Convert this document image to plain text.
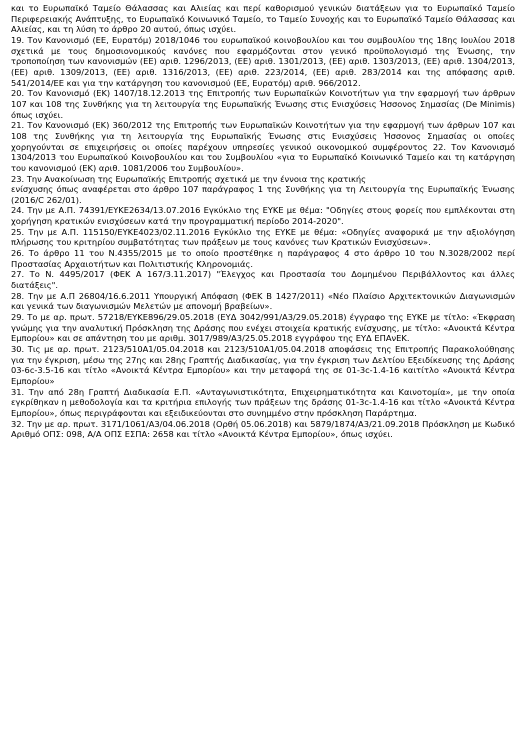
και το Ευρωπαϊκό Ταμείο Θάλασσας και Αλιείας και περί καθορισμού γενικών διατάξεων για το Ευρωπαϊκό Ταμείο Περιφερειακής Ανάπτυξης, το Ευρωπαϊκό Κοινωνικό Ταμείο, το Ταμείο Συνοχής και το Ευρωπαϊκό Ταμείο Θάλασσας και Αλιείας, και τη λύση το άρθρο 20 αυτού, όπως ισχύει.

19. Τον Κανονισμό (ΕΕ, Ευρατόμ) 2018/1046 του ευρωπαϊκού κοινοβουλίου και του συμβουλίου της 18ης Ιουλίου 2018 σχετικά με τους δημοσιονομικούς κανόνες που εφαρμόζονται στον γενικό προϋπολογισμό της Ένωσης, την τροποποίηση των κανονισμών (ΕΕ) αριθ. 1296/2013, (ΕΕ) αριθ. 1301/2013, (ΕΕ) αριθ. 1303/2013, (ΕΕ) αριθ. 1304/2013, (ΕΕ) αριθ. 1309/2013, (ΕΕ) αριθ. 1316/2013, (ΕΕ) αριθ. 223/2014, (ΕΕ) αριθ. 283/2014 και της απόφασης αριθ. 541/2014/ΕΕ και για την κατάργηση του κανονισμού (ΕΕ, Ευρατόμ) αριθ. 966/2012.

20. Τον Κανονισμό (ΕΚ) 1407/18.12.2013 της Επιτροπής των Ευρωπαϊκών Κοινοτήτων για την εφαρμογή των άρθρων 107 και 108 της Συνθήκης για τη λειτουργία της Ευρωπαϊκής Ένωσης στις Ενισχύσεις Ήσσονος Σημασίας (De Minimis) όπως ισχύει.

21. Τον Κανονισμό (ΕΚ) 360/2012 της Επιτροπής των Ευρωπαϊκών Κοινοτήτων για την εφαρμογή των άρθρων 107 και 108 της Συνθήκης για τη λειτουργία της Ευρωπαϊκής Ένωσης στις Ενισχύσεις Ήσσονος Σημασίας οι οποίες χορηγούνται σε επιχειρήσεις οι οποίες παρέχουν υπηρεσίες γενικού οικονομικού συμφέροντος 22. Τον Κανονισμό 1304/2013 του Ευρωπαϊκού Κοινοβουλίου και του Συμβουλίου «για το Ευρωπαϊκό Κοινωνικό Ταμείο και τη κατάργηση του κανονισμού (ΕΚ) αριθ. 1081/2006 του Συμβουλίου».

23. Την Ανακοίνωση της Ευρωπαϊκής Επιτροπής σχετικά με την έννοια της κρατικής

ενίσχυσης όπως αναφέρεται στο άρθρο 107 παράγραφος 1 της Συνθήκης για τη Λειτουργία της Ευρωπαϊκής Ένωσης (2016/C 262/01).

24. Την με Α.Π. 74391/ΕΥΚΕ2634/13.07.2016 Εγκύκλιο της ΕΥΚΕ με θέμα: "Οδηγίες στους φορείς που εμπλέκονται στη χορήγηση κρατικών ενισχύσεων κατά την προγραμματική περίοδο 2014-2020".

25. Την με Α.Π. 115150/ΕΥΚΕ4023/02.11.2016 Εγκύκλιο της ΕΥΚΕ με θέμα: «Οδηγίες αναφορικά με την αξιολόγηση πλήρωσης του κριτηρίου συμβατότητας των πράξεων με τους κανόνες των Κρατικών Ενισχύσεων».

26. Το άρθρο 11 του Ν.4355/2015 με το οποίο προστέθηκε η παράγραφος 4 στο άρθρο 10 του Ν.3028/2002 περί Προστασίας Αρχαιοτήτων και Πολιτιστικής Κληρονομιάς.

27. Το Ν. 4495/2017 (ΦΕΚ Α 167/3.11.2017) "Έλεγχος και Προστασία του Δομημένου Περιβάλλοντος και άλλες διατάξεις".

28. Την με Α.Π 26804/16.6.2011 Υπουργική Απόφαση (ΦΕΚ Β 1427/2011) «Νέο Πλαίσιο Αρχιτεκτονικών Διαγωνισμών και γενικά των διαγωνισμών Μελετών με απονομή βραβείων».

29. Το με αρ. πρωτ. 57218/ΕΥΚΕ896/29.05.2018 (ΕΥΔ 3042/991/Α3/29.05.2018) έγγραφο της ΕΥΚΕ με τίτλο: «Έκφραση γνώμης για την αναλυτική Πρόσκληση της Δράσης που ενέχει στοιχεία κρατικής ενίσχυσης, με τίτλο: «Ανοικτά Κέντρα Εμπορίου» και σε απάντηση του με αριθμ. 3017/989/Α3/25.05.2018 εγγράφου της ΕΥΔ ΕΠΑνΕΚ.

30. Τις με αρ. πρωτ. 2123/510Α1/05.04.2018 και 2123/510Α1/05.04.2018 αποφάσεις της Επιτροπής Παρακολούθησης για την έγκριση, μέσω της 27ης και 28ης Γραπτής Διαδικασίας, για την έγκριση των Δελτίου Εξειδίκευσης της Δράσης 03-6c-3.5-16 και τίτλο «Ανοικτά Κέντρα Εμπορίου» και την μεταφορά της σε 01-3c-1.4-16 καιτίτλο «Ανοικτά Κέντρα Εμπορίου»

31. Την από 28η Γραπτή Διαδικασία Ε.Π. «Ανταγωνιστικότητα, Επιχειρηματικότητα και Καινοτομία», με την οποία εγκρίθηκαν η μεθοδολογία και τα κριτήρια επιλογής των πράξεων της δράσης 01-3c-1.4-16 και τίτλο «Ανοικτά Κέντρα Εμπορίου», όπως περιγράφονται και εξειδικεύονται στο συνημμένο στην πρόσκληση Παράρτημα.

32. Την με αρ. πρωτ. 3171/1061/Α3/04.06.2018 (Ορθή 05.06.2018) και 5879/1874/Α3/21.09.2018 Πρόσκληση με Κωδικό Αριθμό ΟΠΣ: 098, Α/Α ΟΠΣ ΕΣΠΑ: 2658 και τίτλο «Ανοικτά Κέντρα Εμπορίου», όπως ισχύει.
